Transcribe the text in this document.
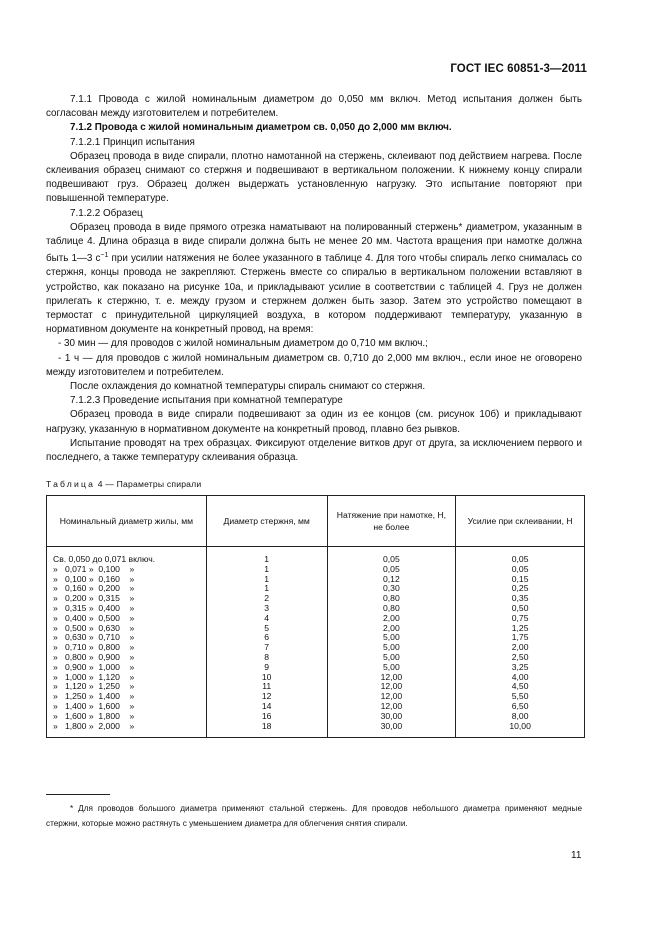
ГОСТ IEC 60851-3—2011

7.1.1 Провода с жилой номинальным диаметром до 0,050 мм включ. Метод испытания должен быть согласован между изготовителем и потребителем.

7.1.2 Провода с жилой номинальным диаметром св. 0,050 до 2,000 мм включ.

7.1.2.1 Принцип испытания

Образец провода в виде спирали, плотно намотанной на стержень, склеивают под действием нагрева. После склеивания образец снимают со стержня и подвешивают в вертикальном положении. К нижнему концу спирали подвешивают груз. Образец должен выдержать установленную нагрузку. Это испытание повторяют при повышенной температуре.

7.1.2.2 Образец

Образец провода в виде прямого отрезка наматывают на полированный стержень* диаметром, указанным в таблице 4. Длина образца в виде спирали должна быть не менее 20 мм. Частота вращения при намотке должна быть 1—3 $с^{-1}$ при усилии натяжения не более указанного в таблице 4. Для того чтобы спираль легко снималась со стержня, концы провода не закрепляют. Стержень вместе со спиралью в вертикальном положении вставляют в устройство, как показано на рисунке 10а, и прикладывают усилие в соответствии с таблицей 4. Груз не должен прилегать к стержню, т. е. между грузом и стержнем должен быть зазор. Затем это устройство помещают в термостат с принудительной циркуляцией воздуха, в котором поддерживают температуру, указанную в нормативном документе на конкретный провод, на время:

- 30 мин — для проводов с жилой номинальным диаметром до 0,710 мм включ.;

- 1 ч — для проводов с жилой номинальным диаметром св. 0,710 до 2,000 мм включ., если иное не оговорено между изготовителем и потребителем.

После охлаждения до комнатной температуры спираль снимают со стержня.

7.1.2.3 Проведение испытания при комнатной температуре

Образец провода в виде спирали подвешивают за один из ее концов (см. рисунок 10б) и прикладывают нагрузку, указанную в нормативном документе на конкретный провод, плавно без рывков.

Испытание проводят на трех образцах. Фиксируют отделение витков друг от друга, за исключением первого и последнего, а также температуру склеивания образца.

Таблица 4 — Параметры спирали
Номинальный диаметр жилы, мм	Диаметр стержня, мм	Натяжение при намотке, Н, не более	Усилие при склеивании, Н
Св. 0,050 до 0,071 включ.	1	0,05	0,05
»   0,071 »  0,100    »	1	0,05	0,05
»   0,100 »  0,160    »	1	0,12	0,15
»   0,160 »  0,200    »	1	0,30	0,25
»   0,200 »  0,315    »	2	0,80	0,35
»   0,315 »  0,400    »	3	0,80	0,50
»   0,400 »  0,500    »	4	2,00	0,75
»   0,500 »  0,630    »	5	2,00	1,25
»   0,630 »  0,710    »	6	5,00	1,75
»   0,710 »  0,800    »	7	5,00	2,00
»   0,800 »  0,900    »	8	5,00	2,50
»   0,900 »  1,000    »	9	5,00	3,25
»   1,000 »  1,120    »	10	12,00	4,00
»   1,120 »  1,250    »	11	12,00	4,50
»   1,250 »  1,400    »	12	12,00	5,50
»   1,400 »  1,600    »	14	12,00	6,50
»   1,600 »  1,800    »	16	30,00	8,00
»   1,800 »  2,000    »	18	30,00	10,00
* Для проводов большого диаметра применяют стальной стержень. Для проводов небольшого диаметра применяют медные стержни, которые можно растянуть с уменьшением диаметра для облегчения снятия спирали.
11
